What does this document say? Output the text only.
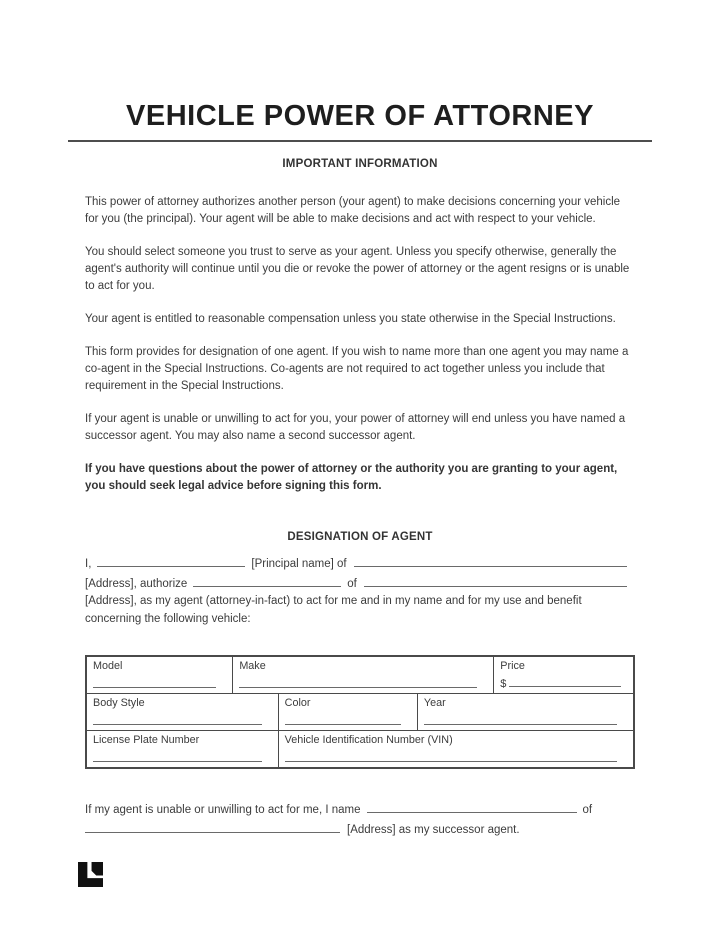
VEHICLE POWER OF ATTORNEY
IMPORTANT INFORMATION

This power of attorney authorizes another person (your agent) to make decisions concerning your vehicle for you (the principal). Your agent will be able to make decisions and act with respect to your vehicle.

You should select someone you trust to serve as your agent. Unless you specify otherwise, generally the agent's authority will continue until you die or revoke the power of attorney or the agent resigns or is unable to act for you.

Your agent is entitled to reasonable compensation unless you state otherwise in the Special Instructions.

This form provides for designation of one agent. If you wish to name more than one agent you may name a co-agent in the Special Instructions. Co-agents are not required to act together unless you include that requirement in the Special Instructions.

If your agent is unable or unwilling to act for you, your power of attorney will end unless you have named a successor agent. You may also name a second successor agent.

If you have questions about the power of attorney or the authority you are granting to your agent, you should seek legal advice before signing this form.

DESIGNATION OF AGENT
I,	[Principal name] of
[Address], authorize	of

[Address], as my agent (attorney-in-fact) to act for me and in my name and for my use and benefit concerning the following vehicle:

Model	Make	Price
$
Body Style	Color	Year
License Plate Number	Vehicle Identification Number (VIN)
If my agent is unable or unwilling to act for me, I name	of
[Address] as my successor agent.
